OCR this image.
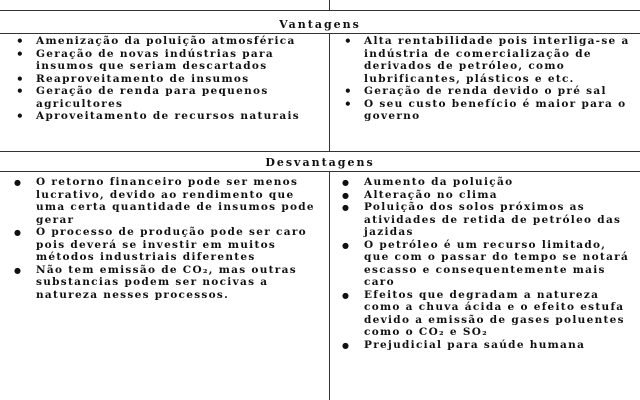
Vantagens
• Amenização da poluição atmosférica
• Geração de novas indústrias para insumos que seriam descartados
• Reaproveitamento de insumos
• Geração de renda para pequenos agricultores
• Aproveitamento de recursos naturais
• Alta rentabilidade pois interliga-se a indústria de comercialização de derivados de petróleo, como lubrificantes, plásticos e etc.
• Geração de renda devido o pré sal
• O seu custo benefício é maior para o governo
Desvantagens
● O retorno financeiro pode ser menos lucrativo, devido ao rendimento que uma certa quantidade de insumos pode gerar
● O processo de produção pode ser caro pois deverá se investir em muitos métodos industriais diferentes
● Não tem emissão de CO₂, mas outras substancias podem ser nocivas a natureza nesses processos.
● Aumento da poluição
● Alteração no clima
● Poluição dos solos próximos as atividades de retida de petróleo das jazidas
● O petróleo é um recurso limitado, que com o passar do tempo se notará escasso e consequentemente mais caro
● Efeitos que degradam a natureza como a chuva ácida e o efeito estufa devido a emissão de gases poluentes como o CO₂ e SO₂
● Prejudicial para saúde humana
